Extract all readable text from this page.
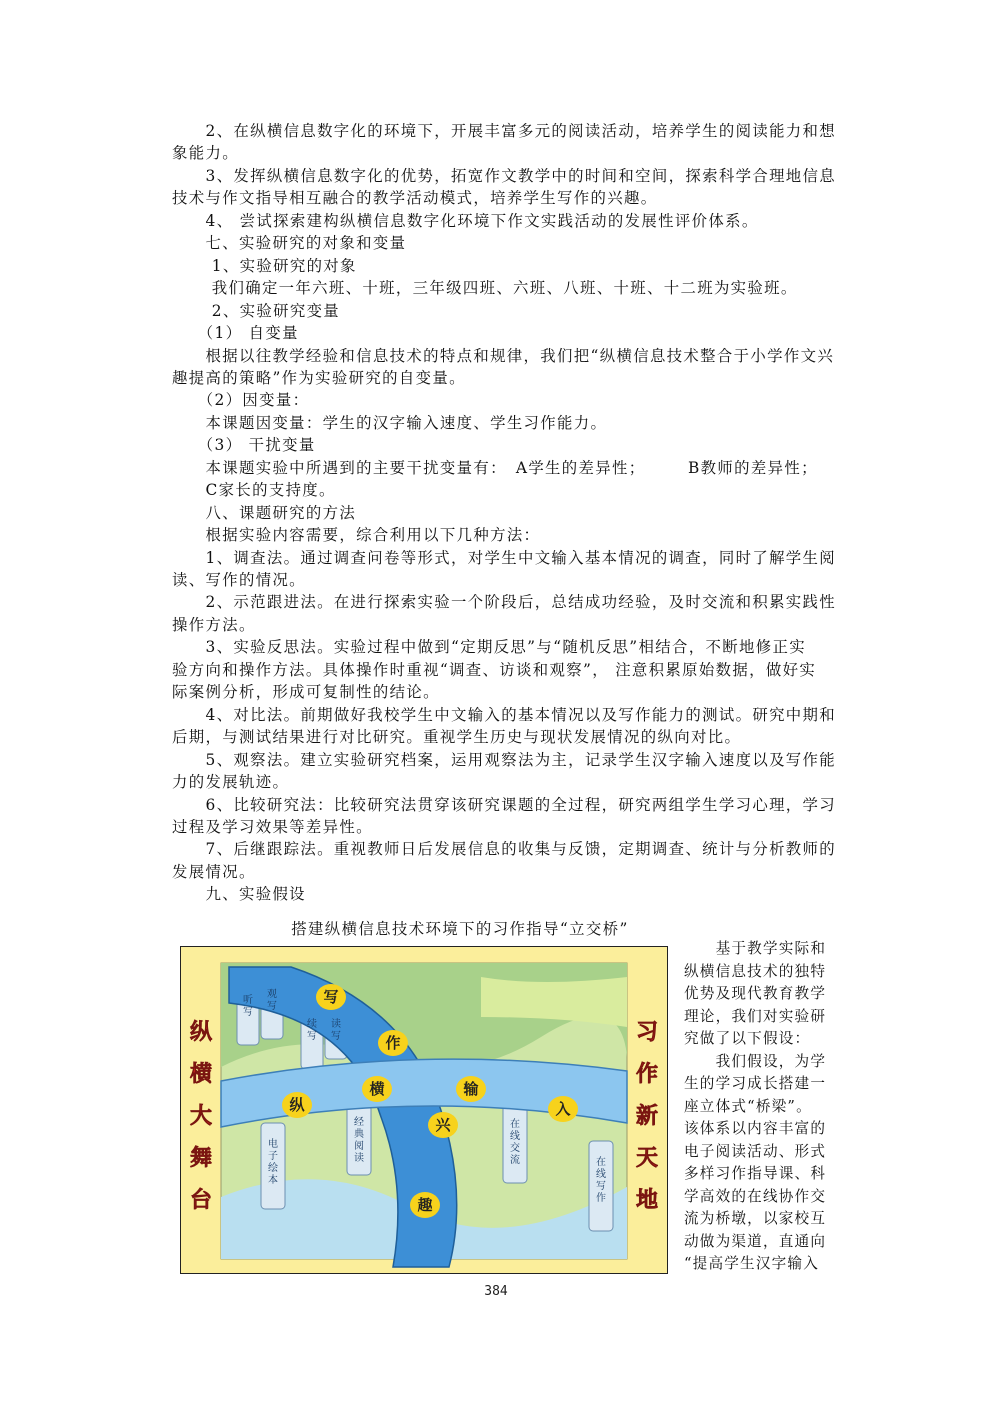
　　2、在纵横信息数字化的环境下，开展丰富多元的阅读活动，培养学生的阅读能力和想
象能力。
　　3、发挥纵横信息数字化的优势，拓宽作文教学中的时间和空间，探索科学合理地信息
技术与作文指导相互融合的教学活动模式，培养学生写作的兴趣。
　　4、 尝试探索建构纵横信息数字化环境下作文实践活动的发展性评价体系。
　　七、实验研究的对象和变量
　　 1、实验研究的对象
　　 我们确定一年六班、十班，三年级四班、六班、八班、十班、十二班为实验班。
　　 2、实验研究变量
　　（1） 自变量
　　根据以往教学经验和信息技术的特点和规律，我们把“纵横信息技术整合于小学作文兴
趣提高的策略”作为实验研究的自变量。
　　（2）因变量：
　　本课题因变量：学生的汉字输入速度、学生习作能力。
　　（3） 干扰变量
　　本课题实验中所遇到的主要干扰变量有：　A学生的差异性；　　　B教师的差异性；
　　C家长的支持度。
　　八、课题研究的方法
　　根据实验内容需要，综合利用以下几种方法：
　　1、调查法。通过调查问卷等形式，对学生中文输入基本情况的调查，同时了解学生阅
读、写作的情况。
　　2、示范跟进法。在进行探索实验一个阶段后，总结成功经验，及时交流和积累实践性
操作方法。
　　3、实验反思法。实验过程中做到“定期反思”与“随机反思”相结合，不断地修正实
验方向和操作方法。具体操作时重视“调查、访谈和观察”， 注意积累原始数据，做好实
际案例分析，形成可复制性的结论。
　　4、对比法。前期做好我校学生中文输入的基本情况以及写作能力的测试。研究中期和
后期，与测试结果进行对比研究。重视学生历史与现状发展情况的纵向对比。
　　5、观察法。建立实验研究档案，运用观察法为主，记录学生汉字输入速度以及写作能
力的发展轨迹。
　　6、比较研究法：比较研究法贯穿该研究课题的全过程，研究两组学生学习心理，学习
过程及学习效果等差异性。
　　7、后继跟踪法。重视教师日后发展信息的收集与反馈，定期调查、统计与分析教师的
发展情况。
　　九、实验假设
搭建纵横信息技术环境下的习作指导“立交桥”
听
写
观
写
续
写
读
写
经
典
阅
读
电
子
绘
本
在
线
交
流	在
线
写
作
写
作
兴
趣
纵
横	输
入
纵
横
大
舞
台
习
作
新
天
地
　　基于教学实际和
纵横信息技术的独特
优势及现代教育教学
理论，我们对实验研
究做了以下假设：
　　我们假设，为学
生的学习成长搭建一
座立体式“桥梁”。
该体系以内容丰富的
电子阅读活动、形式
多样习作指导课、科
学高效的在线协作交
流为桥墩，以家校互
动做为渠道，直通向
“提高学生汉字输入
384
